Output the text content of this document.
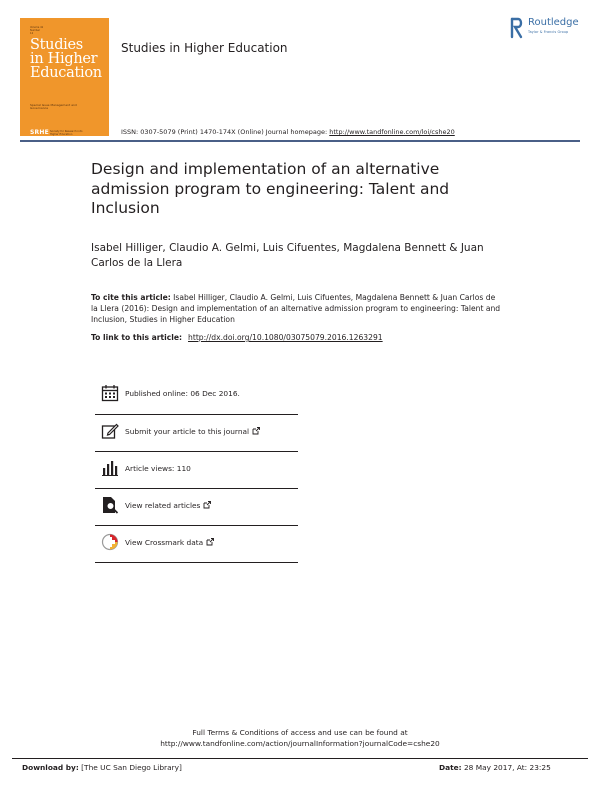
Volume 41 Number 12
Studies
in Higher
Education
Special Issue Management and Governance
SRHE Society for Research into Higher Education
Studies in Higher Education
Routledge
Taylor & Francis Group
ISSN: 0307-5079 (Print) 1470-174X (Online) Journal homepage: http://www.tandfonline.com/loi/cshe20
Design and implementation of an alternative admission program to engineering: Talent and Inclusion
Isabel Hilliger, Claudio A. Gelmi, Luis Cifuentes, Magdalena Bennett & Juan Carlos de la Llera
To cite this article: Isabel Hilliger, Claudio A. Gelmi, Luis Cifuentes, Magdalena Bennett & Juan Carlos de la Llera (2016): Design and implementation of an alternative admission program to engineering: Talent and Inclusion, Studies in Higher Education
To link to this article: http://dx.doi.org/10.1080/03075079.2016.1263291
Published online: 06 Dec 2016.
Submit your article to this journal
Article views: 110
View related articles
View Crossmark data
Full Terms & Conditions of access and use can be found at
http://www.tandfonline.com/action/journalInformation?journalCode=cshe20
Download by: [The UC San Diego Library]	Date: 28 May 2017, At: 23:25
